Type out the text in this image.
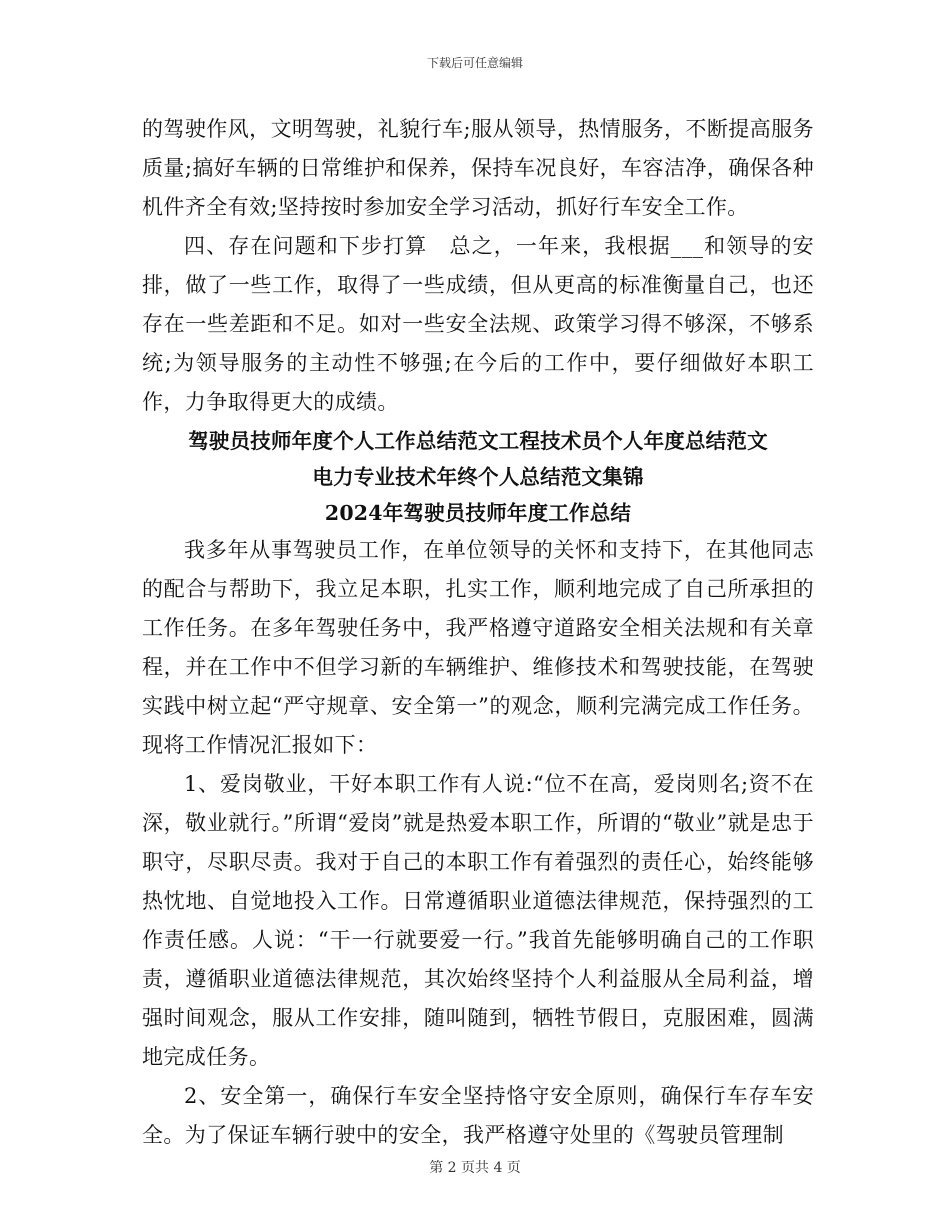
下载后可任意编辑

的驾驶作风，文明驾驶，礼貌行车;服从领导，热情服务，不断提高服务质量;搞好车辆的日常维护和保养，保持车况良好，车容洁净，确保各种机件齐全有效;坚持按时参加安全学习活动，抓好行车安全工作。

四、存在问题和下步打算　总之，一年来，我根据___和领导的安排，做了一些工作，取得了一些成绩，但从更高的标准衡量自己，也还存在一些差距和不足。如对一些安全法规、政策学习得不够深，不够系统;为领导服务的主动性不够强;在今后的工作中，要仔细做好本职工作，力争取得更大的成绩。

驾驶员技师年度个人工作总结范文工程技术员个人年度总结范文

电力专业技术年终个人总结范文集锦

2024年驾驶员技师年度工作总结

我多年从事驾驶员工作，在单位领导的关怀和支持下，在其他同志的配合与帮助下，我立足本职，扎实工作，顺利地完成了自己所承担的工作任务。在多年驾驶任务中，我严格遵守道路安全相关法规和有关章程，并在工作中不但学习新的车辆维护、维修技术和驾驶技能，在驾驶实践中树立起“严守规章、安全第一”的观念，顺利完满完成工作任务。现将工作情况汇报如下：

1、爱岗敬业，干好本职工作有人说:“位不在高，爱岗则名;资不在深，敬业就行。”所谓“爱岗”就是热爱本职工作，所谓的“敬业”就是忠于职守，尽职尽责。我对于自己的本职工作有着强烈的责任心，始终能够热忱地、自觉地投入工作。日常遵循职业道德法律规范，保持强烈的工作责任感。人说：“干一行就要爱一行。”我首先能够明确自己的工作职责，遵循职业道德法律规范，其次始终坚持个人利益服从全局利益，增强时间观念，服从工作安排，随叫随到，牺牲节假日，克服困难，圆满地完成任务。

2、安全第一，确保行车安全坚持恪守安全原则，确保行车存车安全。为了保证车辆行驶中的安全，我严格遵守处里的《驾驶员管理制

第 2 页共 4 页
